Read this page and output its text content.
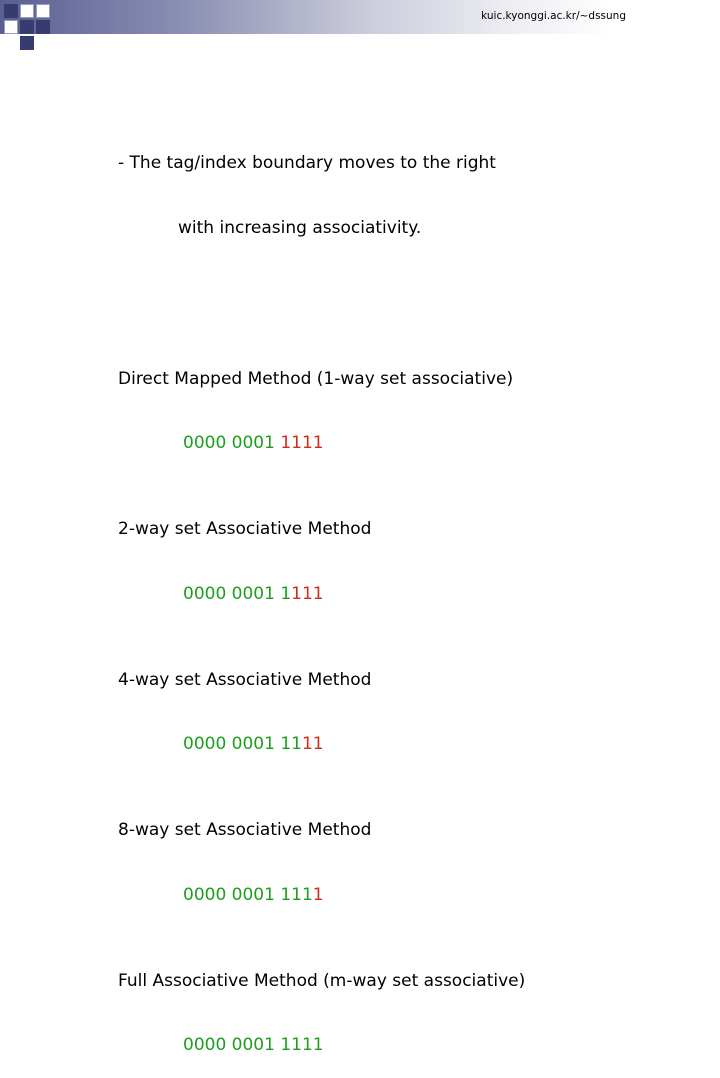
kuic.kyonggi.ac.kr/~dssung

- The tag/index boundary moves to the right

with increasing associativity.

Direct Mapped Method (1-way set associative)

0000 0001 1111

2-way set Associative Method

0000 0001 1111

4-way set Associative Method

0000 0001 1111

8-way set Associative Method

0000 0001 1111

Full Associative Method (m-way set associative)

0000 0001 1111
